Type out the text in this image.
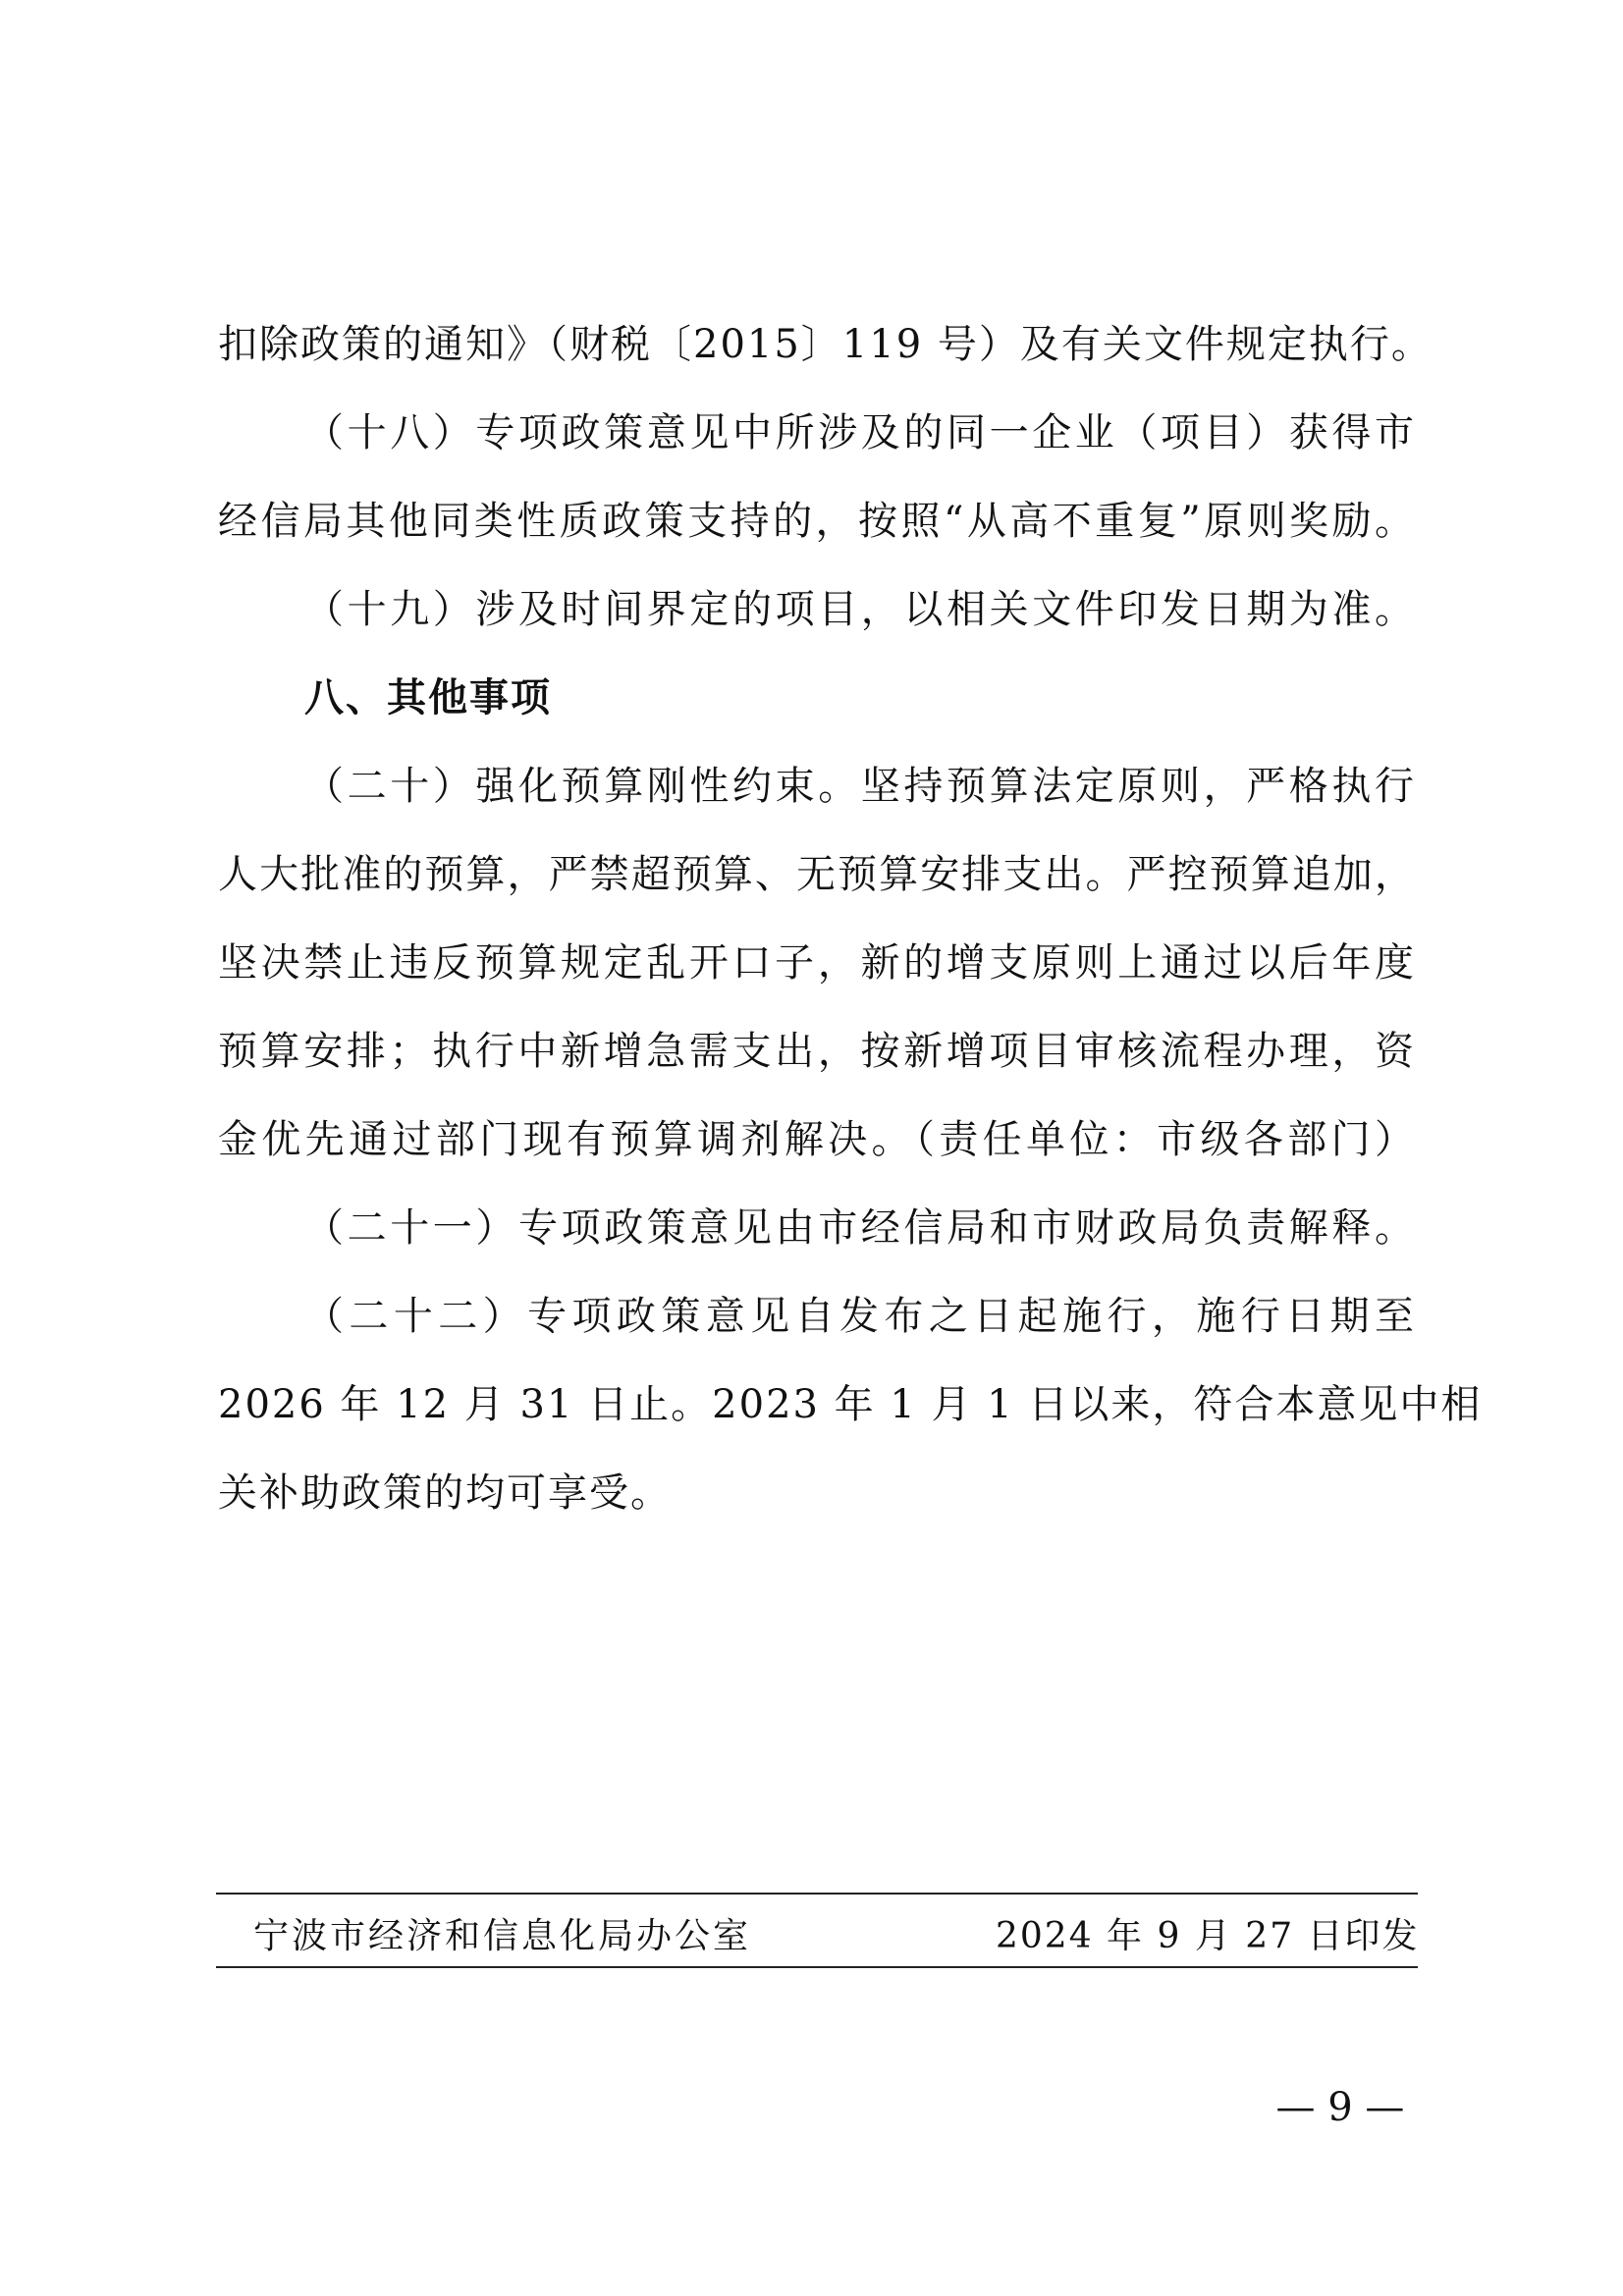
扣除政策的通知》（财税〔2015〕119 号）及有关文件规定执行。
（十八）专项政策意见中所涉及的同一企业（项目）获得市
经信局其他同类性质政策支持的，按照“从高不重复”原则奖励。
（十九）涉及时间界定的项目，以相关文件印发日期为准。
八、其他事项
（二十）强化预算刚性约束。坚持预算法定原则，严格执行
人大批准的预算，严禁超预算、无预算安排支出。严控预算追加，
坚决禁止违反预算规定乱开口子，新的增支原则上通过以后年度
预算安排；执行中新增急需支出，按新增项目审核流程办理，资
金优先通过部门现有预算调剂解决。（责任单位：市级各部门）
（二十一）专项政策意见由市经信局和市财政局负责解释。
（二十二）专项政策意见自发布之日起施行，施行日期至
2026 年 12 月 31 日止。2023 年 1 月 1 日以来，符合本意见中相
关补助政策的均可享受。
宁波市经济和信息化局办公室	2024 年 9 月 27 日印发
— 9 —
